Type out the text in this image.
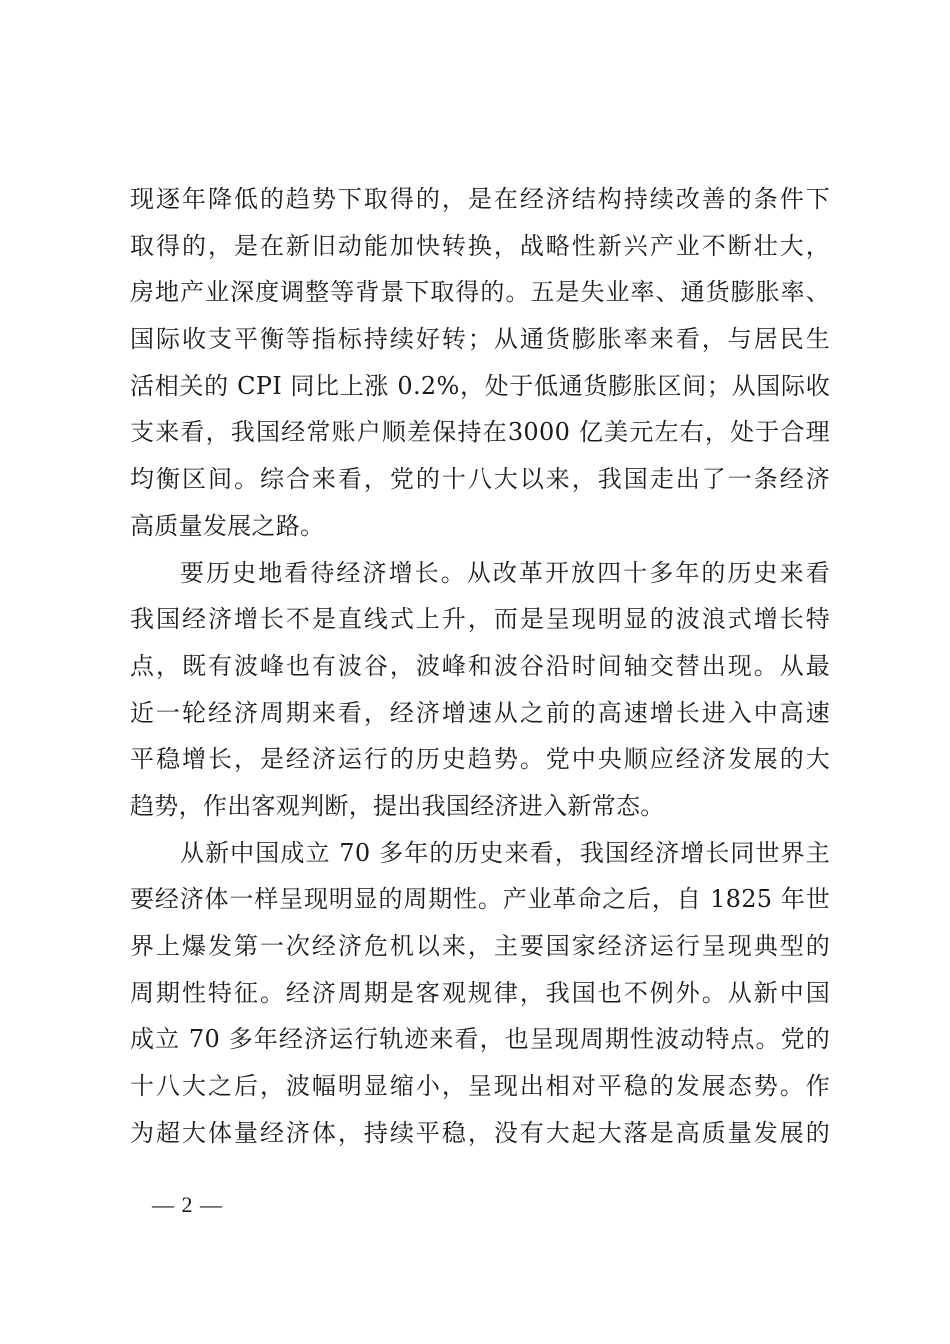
现逐年降低的趋势下取得的，是在经济结构持续改善的条件下
取得的，是在新旧动能加快转换，战略性新兴产业不断壮大，
房地产业深度调整等背景下取得的。五是失业率、通货膨胀率、
国际收支平衡等指标持续好转；从通货膨胀率来看，与居民生
活相关的 CPI 同比上涨 0.2%，处于低通货膨胀区间；从国际收
支来看，我国经常账户顺差保持在3000 亿美元左右，处于合理
均衡区间。综合来看，党的十八大以来，我国走出了一条经济
高质量发展之路。
要历史地看待经济增长。从改革开放四十多年的历史来看
我国经济增长不是直线式上升，而是呈现明显的波浪式增长特
点，既有波峰也有波谷，波峰和波谷沿时间轴交替出现。从最
近一轮经济周期来看，经济增速从之前的高速增长进入中高速
平稳增长，是经济运行的历史趋势。党中央顺应经济发展的大
趋势，作出客观判断，提出我国经济进入新常态。
从新中国成立 70 多年的历史来看，我国经济增长同世界主
要经济体一样呈现明显的周期性。产业革命之后，自 1825 年世
界上爆发第一次经济危机以来，主要国家经济运行呈现典型的
周期性特征。经济周期是客观规律，我国也不例外。从新中国
成立 70 多年经济运行轨迹来看，也呈现周期性波动特点。党的
十八大之后，波幅明显缩小，呈现出相对平稳的发展态势。作
为超大体量经济体，持续平稳，没有大起大落是高质量发展的
— 2 —
